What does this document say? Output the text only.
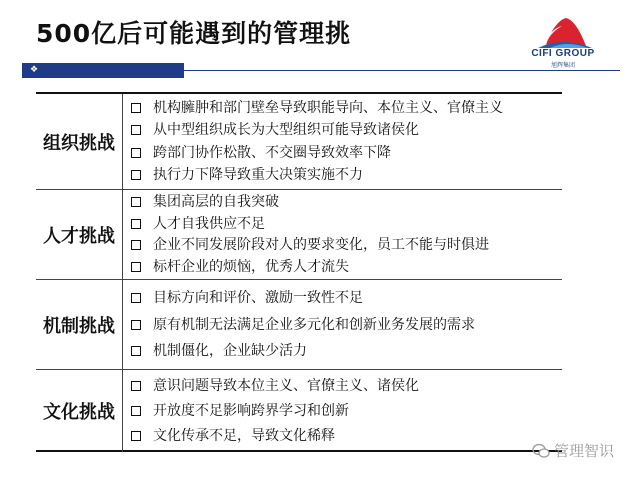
500亿后可能遇到的管理挑
CIFI GROUP
旭辉集团
❖
组织挑战
机构臃肿和部门壁垒导致职能导向、本位主义、官僚主义
从中型组织成长为大型组织可能导致诸侯化
跨部门协作松散、不交圈导致效率下降
执行力下降导致重大决策实施不力
人才挑战
集团高层的自我突破
人才自我供应不足
企业不同发展阶段对人的要求变化，员工不能与时俱进
标杆企业的烦恼，优秀人才流失
机制挑战
目标方向和评价、激励一致性不足
原有机制无法满足企业多元化和创新业务发展的需求
机制僵化，企业缺少活力
文化挑战
意识问题导致本位主义、官僚主义、诸侯化
开放度不足影响跨界学习和创新
文化传承不足，导致文化稀释
管理智识
